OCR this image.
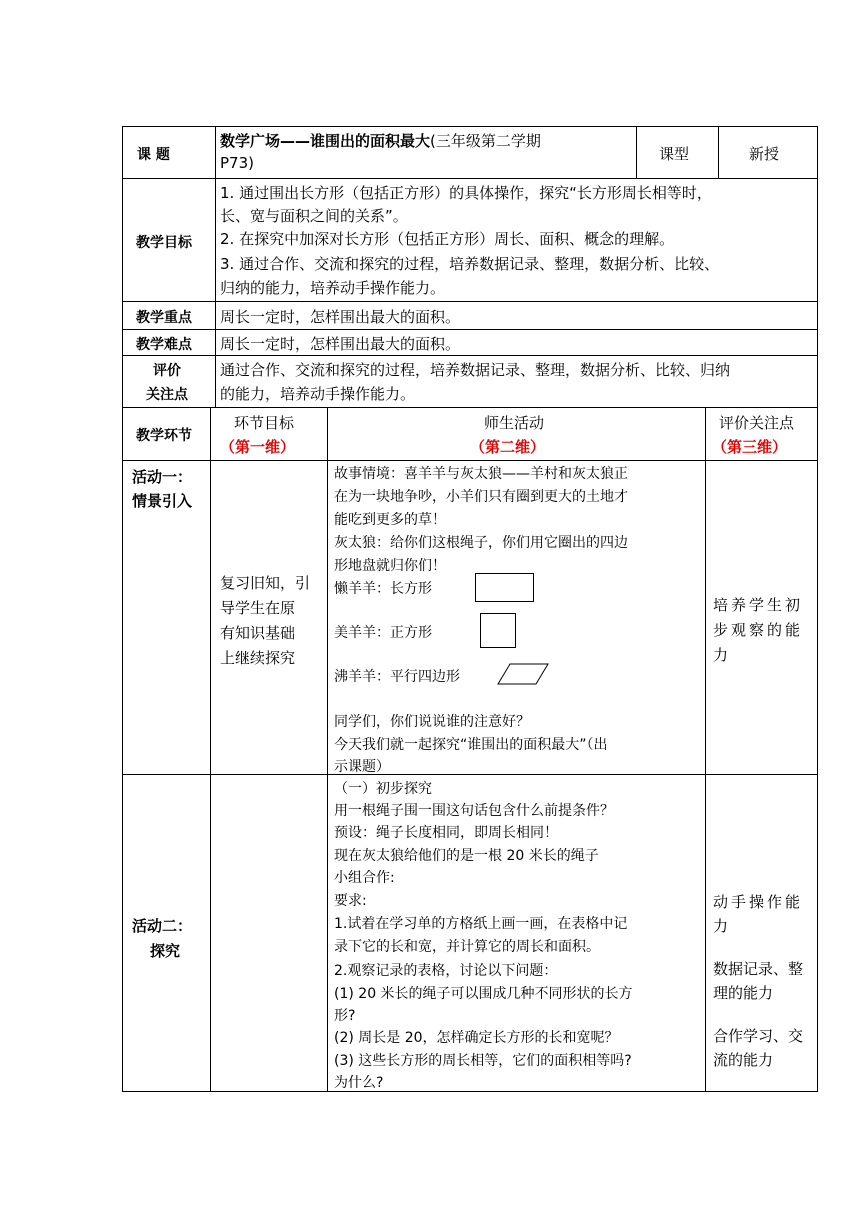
课 题
数学广场——谁围出的面积最大(三年级第二学期
P73)	课型	新授
教学目标
1. 通过围出长方形（包括正方形）的具体操作，探究“长方形周长相等时，
长、宽与面积之间的关系”。
2. 在探究中加深对长方形（包括正方形）周长、面积、概念的理解。
3. 通过合作、交流和探究的过程，培养数据记录、整理，数据分析、比较、
归纳的能力，培养动手操作能力。
教学重点 周长一定时，怎样围出最大的面积。
教学难点 周长一定时，怎样围出最大的面积。
评价
关注点
通过合作、交流和探究的过程，培养数据记录、整理，数据分析、比较、归纳
的能力，培养动手操作能力。
教学环节
环节目标
（第一维）
师生活动
（第二维）
评价关注点
（第三维）
活动一：
情景引入
复习旧知，引
导学生在原
有知识基础
上继续探究
故事情境：喜羊羊与灰太狼——羊村和灰太狼正
在为一块地争吵，小羊们只有圈到更大的土地才
能吃到更多的草！
灰太狼：给你们这根绳子，你们用它圈出的四边
形地盘就归你们！
懒羊羊：长方形
美羊羊：正方形
沸羊羊：平行四边形
同学们，你们说说谁的注意好？
今天我们就一起探究“谁围出的面积最大”（出
示课题）
培养学生初
步观察的能
力
活动二：
探究
（一）初步探究
用一根绳子围一围这句话包含什么前提条件？
预设：绳子长度相同，即周长相同！
现在灰太狼给他们的是一根 20 米长的绳子
小组合作:
要求:
1.试着在学习单的方格纸上画一画，在表格中记
录下它的长和宽，并计算它的周长和面积。
2.观察记录的表格，讨论以下问题：
(1) 20 米长的绳子可以围成几种不同形状的长方
形?
(2) 周长是 20，怎样确定长方形的长和宽呢？
(3) 这些长方形的周长相等，它们的面积相等吗?
为什么?
动手操作能
力
数据记录、整
理的能力
合作学习、交
流的能力
